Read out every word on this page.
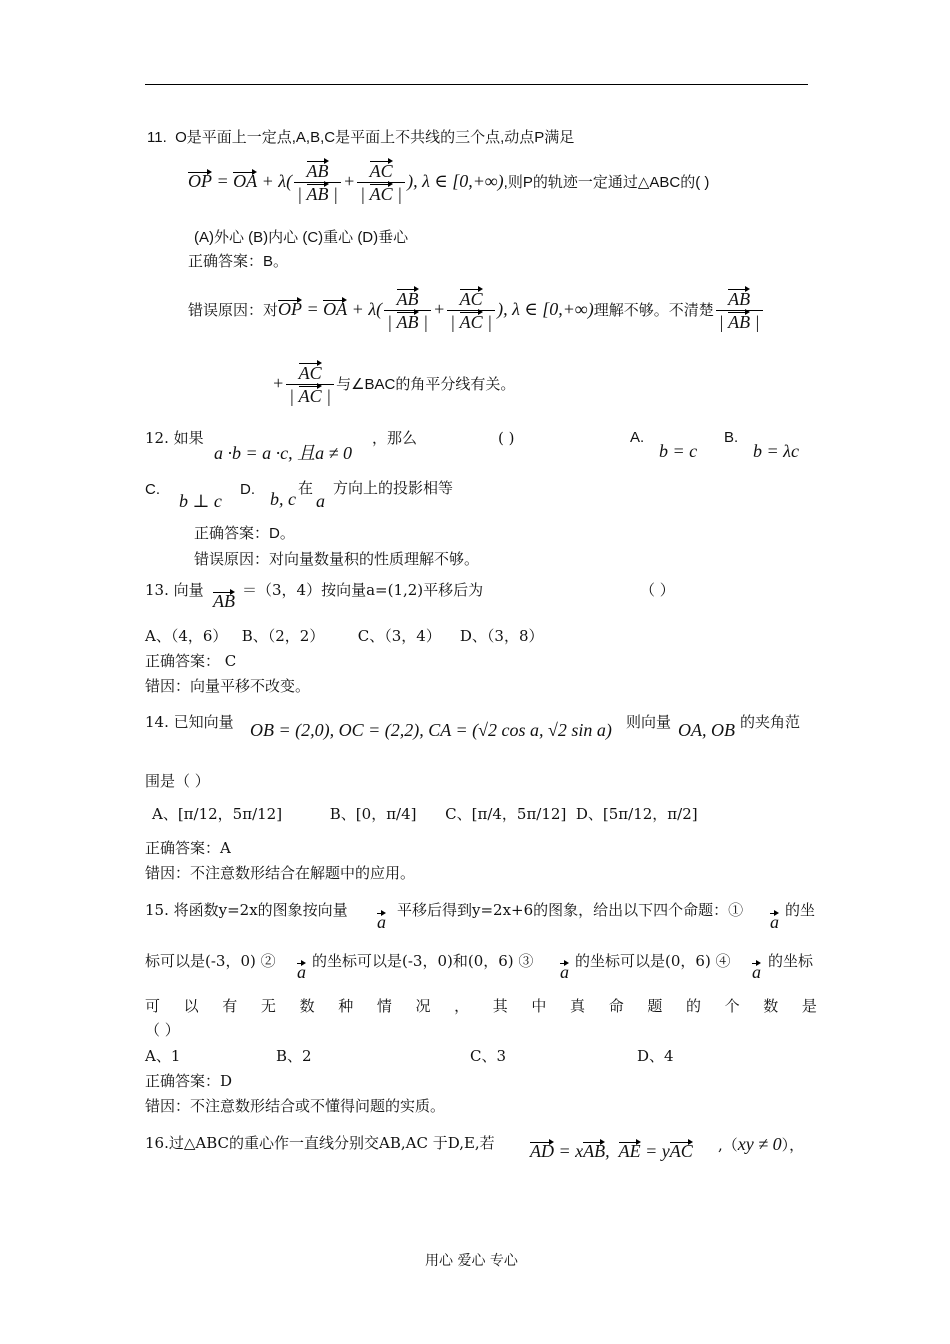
11. O是平面上一定点,A,B,C是平面上不共线的三个点,动点P满足
OP = OA + $\lambda( \frac{AB}{| AB |} + \frac{AC}{| AC |}$ ), λ ∈ [0,+∞),则P的轨迹一定通过△ABC的( )
(A)外心 (B)内心 (C)重心 (D)垂心
正确答案：B。
错误原因：对OP = OA + $\lambda( \frac{AB}{| AB |} + \frac{AC}{| AC |}$ ), λ ∈ [0,+∞)理解不够。不清楚 $\frac{AB}{| AB |}$
+ $\frac{AC}{| AC |}$ 与∠BAC的角平分线有关。
12. 如果
a ·b = a ·c, 且a ≠ 0
，那么	( )	A.
b = c
B.
b = λc
C.
b ⊥ c
D. b, c
在
a
方向上的投影相等
正确答案：D。
错误原因：对向量数量积的性质理解不够。
13. 向量
AB
＝（3，4）按向量a=(1,2)平移后为	（ ）
A、（4，6） B、（2，2） C、（3，4） D、（3，8）
正确答案： C
错因：向量平移不改变。
14. 已知向量 OB = (2,0), OC = (2,2), CA = (√2 cos a, √2 sin a) 则向量 OA, OB 的夹角范
围是（ ）
A、[π/12，5π/12]	B、[0，π/4] C、[π/4，5π/12] D、[5π/12，π/2]
正确答案：A
错因：不注意数形结合在解题中的应用。
15. 将函数y=2x的图象按向量
a
平移后得到y=2x+6的图象，给出以下四个命题：①
a
的坐
标可以是(-3，0) ②
a
的坐标可以是(-3，0)和(0，6) ③
a
的坐标可以是(0，6) ④
a
的坐标
可 以 有 无 数 种 情 况 ， 其 中 真 命 题 的 个 数 是
（ ）
A、1	B、2	C、3	D、4
正确答案：D
错因：不注意数形结合或不懂得问题的实质。
16.过△ABC的重心作一直线分别交AB,AC 于D,E,若 AD = xAB,  AE = yAC ,（xy ≠ 0），
用心 爱心 专心
